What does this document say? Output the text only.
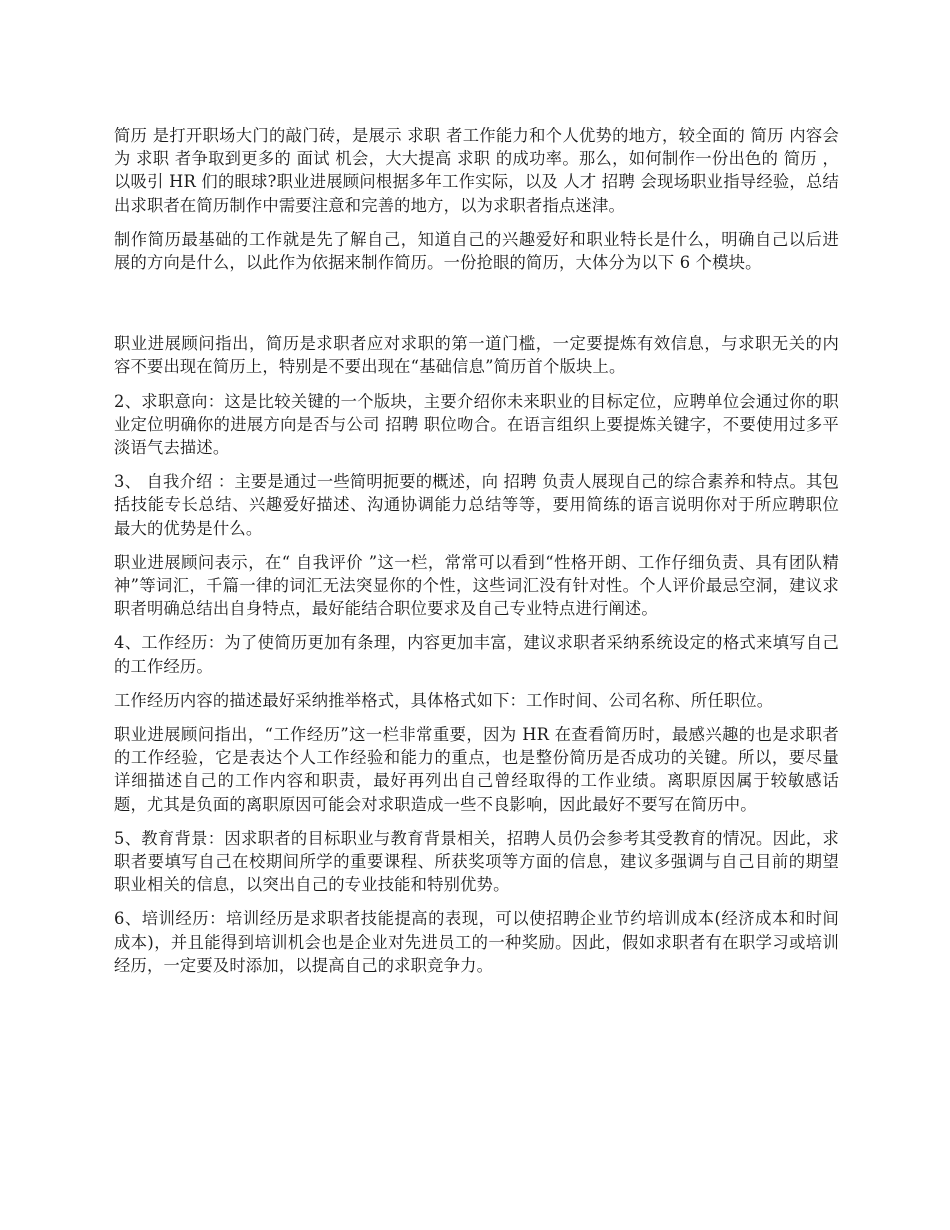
简历 是打开职场大门的敲门砖，是展示 求职 者工作能力和个人优势的地方，较全面的 简历 内容会为 求职 者争取到更多的 面试 机会，大大提高 求职 的成功率。那么，如何制作一份出色的 简历 ，以吸引 HR 们的眼球?职业进展顾问根据多年工作实际，以及 人才 招聘 会现场职业指导经验，总结出求职者在简历制作中需要注意和完善的地方，以为求职者指点迷津。

制作简历最基础的工作就是先了解自己，知道自己的兴趣爱好和职业特长是什么，明确自己以后进展的方向是什么，以此作为依据来制作简历。一份抢眼的简历，大体分为以下 6 个模块。

职业进展顾问指出，简历是求职者应对求职的第一道门槛，一定要提炼有效信息，与求职无关的内容不要出现在简历上，特别是不要出现在“基础信息”简历首个版块上。

2、求职意向：这是比较关键的一个版块，主要介绍你未来职业的目标定位，应聘单位会通过你的职业定位明确你的进展方向是否与公司 招聘 职位吻合。在语言组织上要提炼关键字，不要使用过多平淡语气去描述。

3、 自我介绍 ：主要是通过一些简明扼要的概述，向 招聘 负责人展现自己的综合素养和特点。其包括技能专长总结、兴趣爱好描述、沟通协调能力总结等等，要用简练的语言说明你对于所应聘职位最大的优势是什么。

职业进展顾问表示，在“ 自我评价 ”这一栏，常常可以看到“性格开朗、工作仔细负责、具有团队精神”等词汇，千篇一律的词汇无法突显你的个性，这些词汇没有针对性。个人评价最忌空洞，建议求职者明确总结出自身特点，最好能结合职位要求及自己专业特点进行阐述。

4、工作经历：为了使简历更加有条理，内容更加丰富，建议求职者采纳系统设定的格式来填写自己的工作经历。

工作经历内容的描述最好采纳推举格式，具体格式如下：工作时间、公司名称、所任职位。

职业进展顾问指出，“工作经历”这一栏非常重要，因为 HR 在查看简历时，最感兴趣的也是求职者的工作经验，它是表达个人工作经验和能力的重点，也是整份简历是否成功的关键。所以，要尽量详细描述自己的工作内容和职责，最好再列出自己曾经取得的工作业绩。离职原因属于较敏感话题，尤其是负面的离职原因可能会对求职造成一些不良影响，因此最好不要写在简历中。

5、教育背景：因求职者的目标职业与教育背景相关，招聘人员仍会参考其受教育的情况。因此，求职者要填写自己在校期间所学的重要课程、所获奖项等方面的信息，建议多强调与自己目前的期望职业相关的信息，以突出自己的专业技能和特别优势。

6、培训经历：培训经历是求职者技能提高的表现，可以使招聘企业节约培训成本(经济成本和时间成本)，并且能得到培训机会也是企业对先进员工的一种奖励。因此，假如求职者有在职学习或培训经历，一定要及时添加，以提高自己的求职竞争力。
